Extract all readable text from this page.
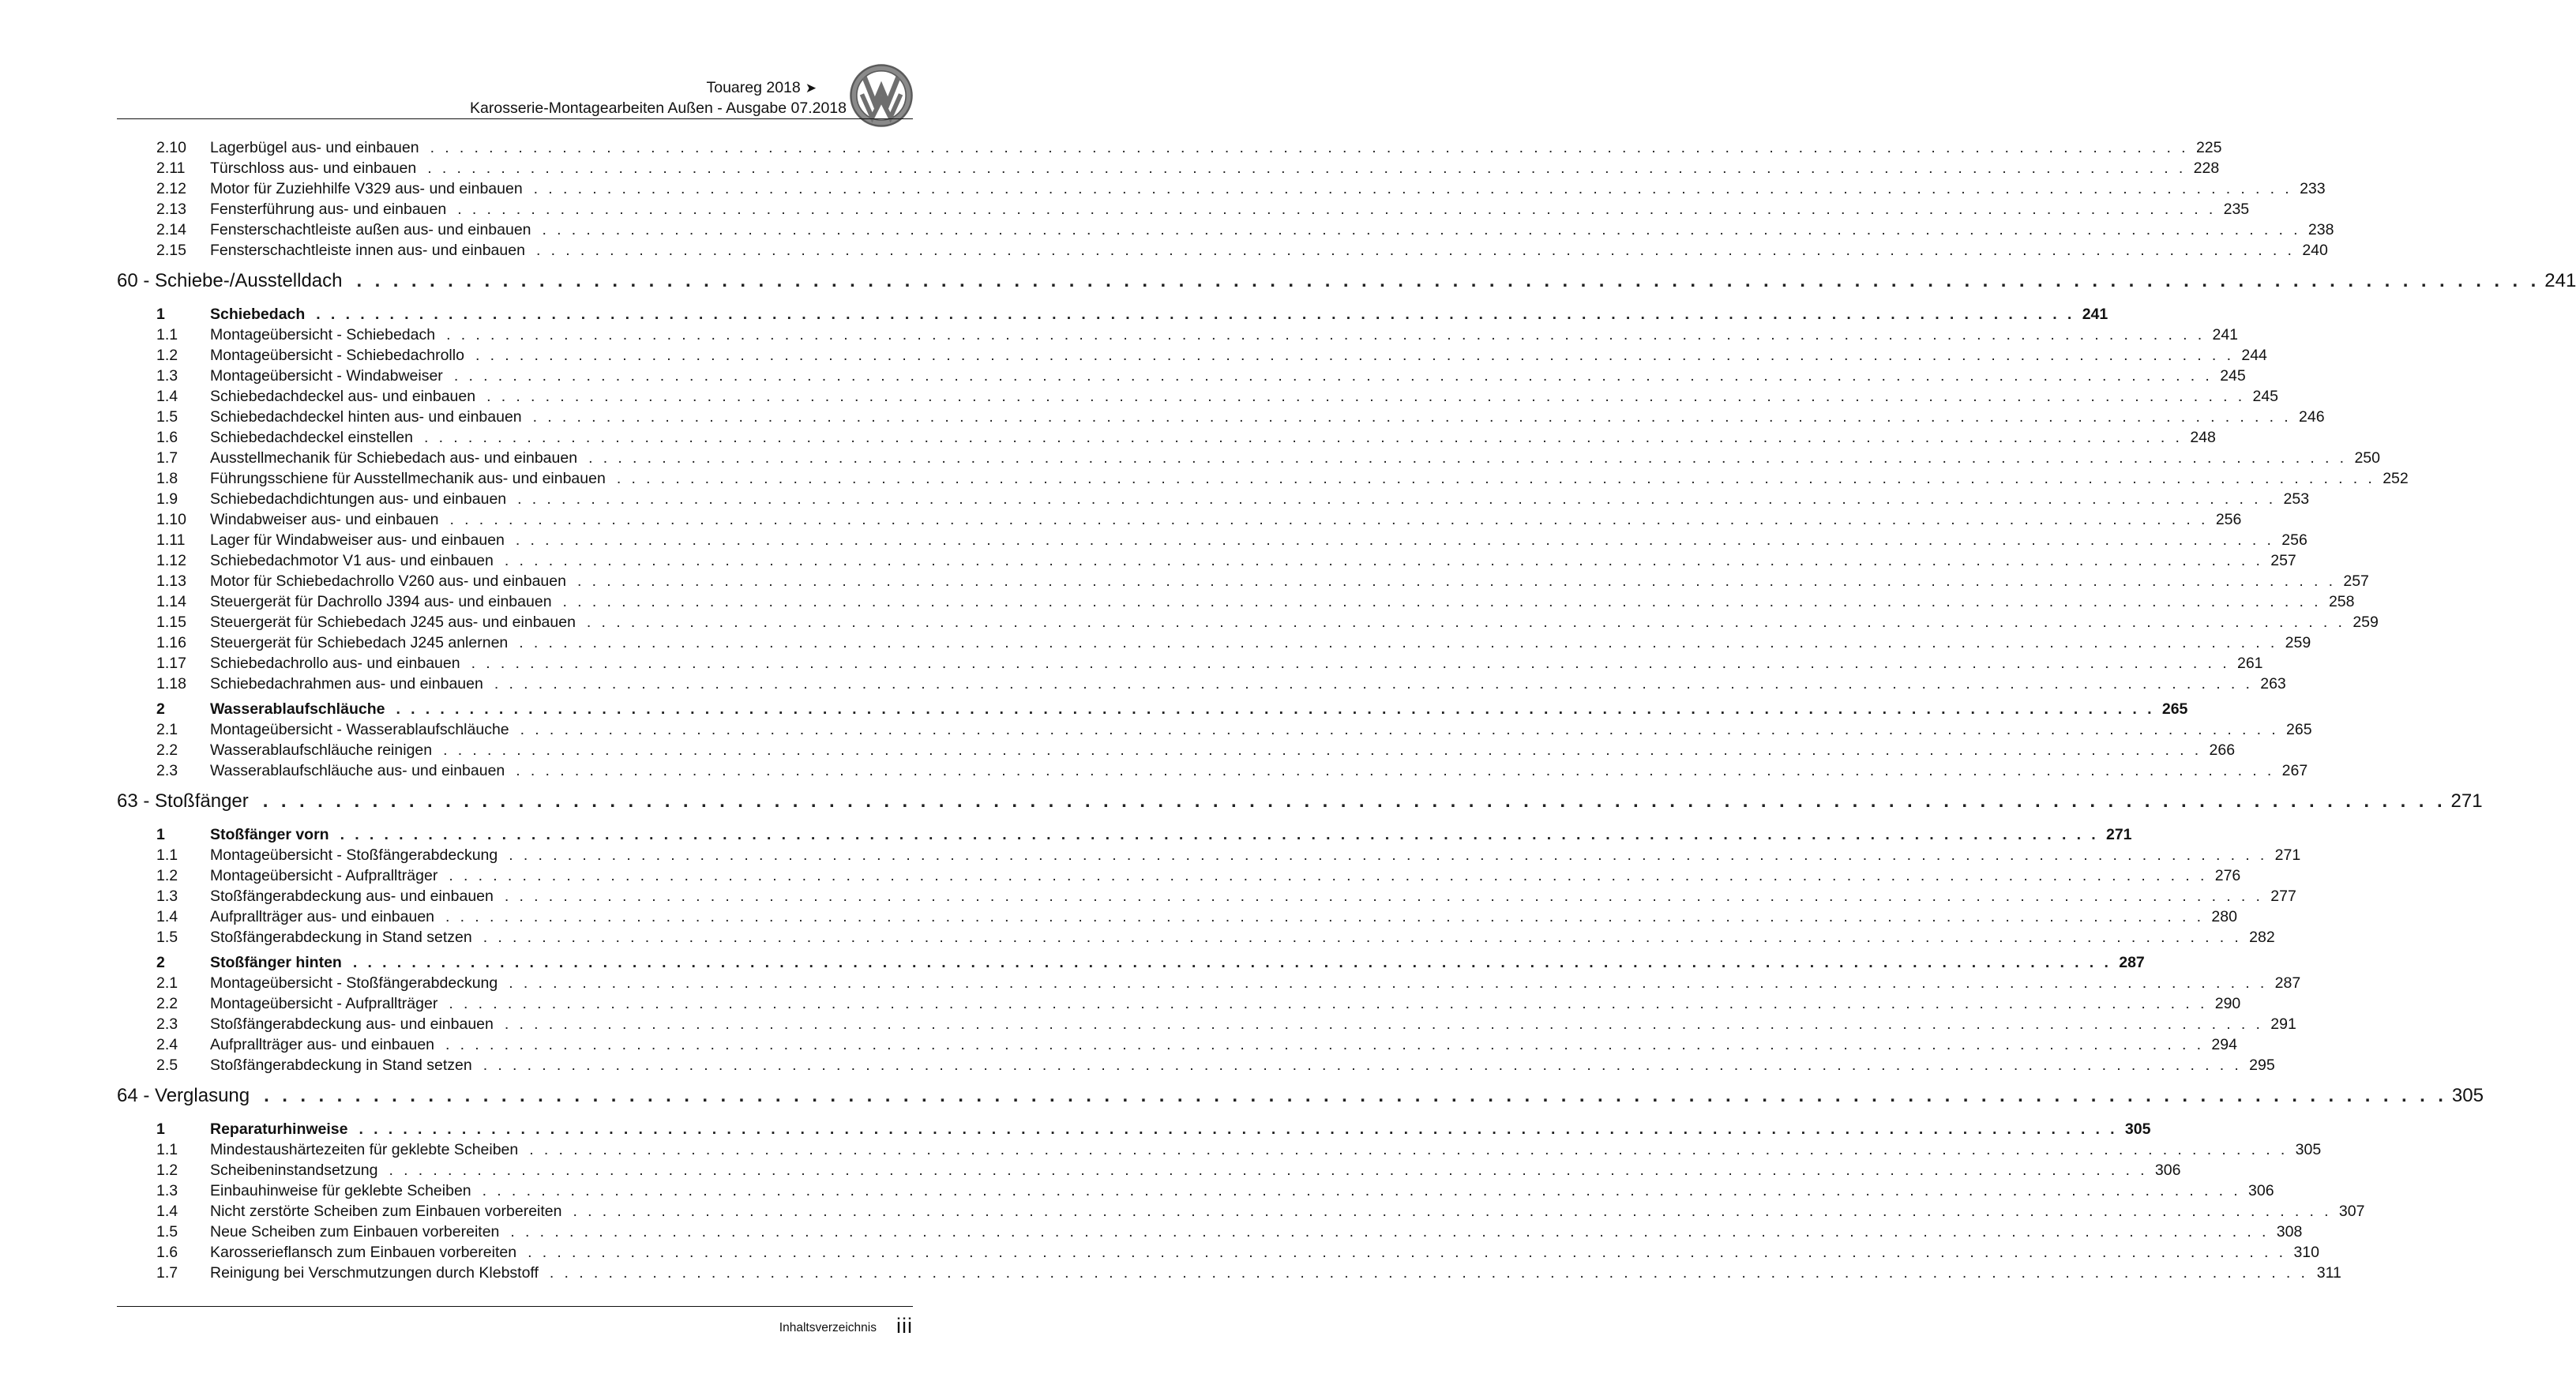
Touareg 2018 ➤
Karosserie-Montagearbeiten Außen - Ausgabe 07.2018
2.10	Lagerbügel aus- und einbauen . . . . . . . . . . . . . . . . . . . . . . . . . . . . . . . . . . . . . . . . . . . . . . . . . . . . . . . . . . . . . . . . . . . . . . . . . . . . . . . . . . . . . . . . . . . . . . . . . . . . . . . . . . . . . . . . . . . . . . . . 225
2.11	Türschloss aus- und einbauen . . . . . . . . . . . . . . . . . . . . . . . . . . . . . . . . . . . . . . . . . . . . . . . . . . . . . . . . . . . . . . . . . . . . . . . . . . . . . . . . . . . . . . . . . . . . . . . . . . . . . . . . . . . . . . . . . . . . . . . . 228
2.12	Motor für Zuziehhilfe V329 aus- und einbauen . . . . . . . . . . . . . . . . . . . . . . . . . . . . . . . . . . . . . . . . . . . . . . . . . . . . . . . . . . . . . . . . . . . . . . . . . . . . . . . . . . . . . . . . . . . . . . . . . . . . . . . . . . . . . . . . . . . . . . . . 233
2.13	Fensterführung aus- und einbauen . . . . . . . . . . . . . . . . . . . . . . . . . . . . . . . . . . . . . . . . . . . . . . . . . . . . . . . . . . . . . . . . . . . . . . . . . . . . . . . . . . . . . . . . . . . . . . . . . . . . . . . . . . . . . . . . . . . . . . . . 235
2.14	Fensterschachtleiste außen aus- und einbauen . . . . . . . . . . . . . . . . . . . . . . . . . . . . . . . . . . . . . . . . . . . . . . . . . . . . . . . . . . . . . . . . . . . . . . . . . . . . . . . . . . . . . . . . . . . . . . . . . . . . . . . . . . . . . . . . . . . . . . . . 238
2.15	Fensterschachtleiste innen aus- und einbauen . . . . . . . . . . . . . . . . . . . . . . . . . . . . . . . . . . . . . . . . . . . . . . . . . . . . . . . . . . . . . . . . . . . . . . . . . . . . . . . . . . . . . . . . . . . . . . . . . . . . . . . . . . . . . . . . . . . . . . . . 240
60 - Schiebe-/Ausstelldach . . . . . . . . . . . . . . . . . . . . . . . . . . . . . . . . . . . . . . . . . . . . . . . . . . . . . . . . . . . . . . . . . . . . . . . . . . . . . . . . . . . . . . . . . . . . . . . . . . . . . . . . . . . . . . . . . . . . . . . . 241
1	Schiebedach . . . . . . . . . . . . . . . . . . . . . . . . . . . . . . . . . . . . . . . . . . . . . . . . . . . . . . . . . . . . . . . . . . . . . . . . . . . . . . . . . . . . . . . . . . . . . . . . . . . . . . . . . . . . . . . . . . . . . . . . 241
1.1	Montageübersicht - Schiebedach . . . . . . . . . . . . . . . . . . . . . . . . . . . . . . . . . . . . . . . . . . . . . . . . . . . . . . . . . . . . . . . . . . . . . . . . . . . . . . . . . . . . . . . . . . . . . . . . . . . . . . . . . . . . . . . . . . . . . . . . 241
1.2	Montageübersicht - Schiebedachrollo . . . . . . . . . . . . . . . . . . . . . . . . . . . . . . . . . . . . . . . . . . . . . . . . . . . . . . . . . . . . . . . . . . . . . . . . . . . . . . . . . . . . . . . . . . . . . . . . . . . . . . . . . . . . . . . . . . . . . . . . 244
1.3	Montageübersicht - Windabweiser . . . . . . . . . . . . . . . . . . . . . . . . . . . . . . . . . . . . . . . . . . . . . . . . . . . . . . . . . . . . . . . . . . . . . . . . . . . . . . . . . . . . . . . . . . . . . . . . . . . . . . . . . . . . . . . . . . . . . . . . 245
1.4	Schiebedachdeckel aus- und einbauen . . . . . . . . . . . . . . . . . . . . . . . . . . . . . . . . . . . . . . . . . . . . . . . . . . . . . . . . . . . . . . . . . . . . . . . . . . . . . . . . . . . . . . . . . . . . . . . . . . . . . . . . . . . . . . . . . . . . . . . . 245
1.5	Schiebedachdeckel hinten aus- und einbauen . . . . . . . . . . . . . . . . . . . . . . . . . . . . . . . . . . . . . . . . . . . . . . . . . . . . . . . . . . . . . . . . . . . . . . . . . . . . . . . . . . . . . . . . . . . . . . . . . . . . . . . . . . . . . . . . . . . . . . . . 246
1.6	Schiebedachdeckel einstellen . . . . . . . . . . . . . . . . . . . . . . . . . . . . . . . . . . . . . . . . . . . . . . . . . . . . . . . . . . . . . . . . . . . . . . . . . . . . . . . . . . . . . . . . . . . . . . . . . . . . . . . . . . . . . . . . . . . . . . . . 248
1.7	Ausstellmechanik für Schiebedach aus- und einbauen . . . . . . . . . . . . . . . . . . . . . . . . . . . . . . . . . . . . . . . . . . . . . . . . . . . . . . . . . . . . . . . . . . . . . . . . . . . . . . . . . . . . . . . . . . . . . . . . . . . . . . . . . . . . . . . . . . . . . . . . 250
1.8	Führungsschiene für Ausstellmechanik aus- und einbauen . . . . . . . . . . . . . . . . . . . . . . . . . . . . . . . . . . . . . . . . . . . . . . . . . . . . . . . . . . . . . . . . . . . . . . . . . . . . . . . . . . . . . . . . . . . . . . . . . . . . . . . . . . . . . . . . . . . . . . . . 252
1.9	Schiebedachdichtungen aus- und einbauen . . . . . . . . . . . . . . . . . . . . . . . . . . . . . . . . . . . . . . . . . . . . . . . . . . . . . . . . . . . . . . . . . . . . . . . . . . . . . . . . . . . . . . . . . . . . . . . . . . . . . . . . . . . . . . . . . . . . . . . . 253
1.10	Windabweiser aus- und einbauen . . . . . . . . . . . . . . . . . . . . . . . . . . . . . . . . . . . . . . . . . . . . . . . . . . . . . . . . . . . . . . . . . . . . . . . . . . . . . . . . . . . . . . . . . . . . . . . . . . . . . . . . . . . . . . . . . . . . . . . . 256
1.11	Lager für Windabweiser aus- und einbauen . . . . . . . . . . . . . . . . . . . . . . . . . . . . . . . . . . . . . . . . . . . . . . . . . . . . . . . . . . . . . . . . . . . . . . . . . . . . . . . . . . . . . . . . . . . . . . . . . . . . . . . . . . . . . . . . . . . . . . . . 256
1.12	Schiebedachmotor V1 aus- und einbauen . . . . . . . . . . . . . . . . . . . . . . . . . . . . . . . . . . . . . . . . . . . . . . . . . . . . . . . . . . . . . . . . . . . . . . . . . . . . . . . . . . . . . . . . . . . . . . . . . . . . . . . . . . . . . . . . . . . . . . . . 257
1.13	Motor für Schiebedachrollo V260 aus- und einbauen . . . . . . . . . . . . . . . . . . . . . . . . . . . . . . . . . . . . . . . . . . . . . . . . . . . . . . . . . . . . . . . . . . . . . . . . . . . . . . . . . . . . . . . . . . . . . . . . . . . . . . . . . . . . . . . . . . . . . . . . 257
1.14	Steuergerät für Dachrollo J394 aus- und einbauen . . . . . . . . . . . . . . . . . . . . . . . . . . . . . . . . . . . . . . . . . . . . . . . . . . . . . . . . . . . . . . . . . . . . . . . . . . . . . . . . . . . . . . . . . . . . . . . . . . . . . . . . . . . . . . . . . . . . . . . . 258
1.15	Steuergerät für Schiebedach J245 aus- und einbauen . . . . . . . . . . . . . . . . . . . . . . . . . . . . . . . . . . . . . . . . . . . . . . . . . . . . . . . . . . . . . . . . . . . . . . . . . . . . . . . . . . . . . . . . . . . . . . . . . . . . . . . . . . . . . . . . . . . . . . . . 259
1.16	Steuergerät für Schiebedach J245 anlernen . . . . . . . . . . . . . . . . . . . . . . . . . . . . . . . . . . . . . . . . . . . . . . . . . . . . . . . . . . . . . . . . . . . . . . . . . . . . . . . . . . . . . . . . . . . . . . . . . . . . . . . . . . . . . . . . . . . . . . . . 259
1.17	Schiebedachrollo aus- und einbauen . . . . . . . . . . . . . . . . . . . . . . . . . . . . . . . . . . . . . . . . . . . . . . . . . . . . . . . . . . . . . . . . . . . . . . . . . . . . . . . . . . . . . . . . . . . . . . . . . . . . . . . . . . . . . . . . . . . . . . . . 261
1.18	Schiebedachrahmen aus- und einbauen . . . . . . . . . . . . . . . . . . . . . . . . . . . . . . . . . . . . . . . . . . . . . . . . . . . . . . . . . . . . . . . . . . . . . . . . . . . . . . . . . . . . . . . . . . . . . . . . . . . . . . . . . . . . . . . . . . . . . . . . 263
2	Wasserablaufschläuche . . . . . . . . . . . . . . . . . . . . . . . . . . . . . . . . . . . . . . . . . . . . . . . . . . . . . . . . . . . . . . . . . . . . . . . . . . . . . . . . . . . . . . . . . . . . . . . . . . . . . . . . . . . . . . . . . . . . . . . . 265
2.1	Montageübersicht - Wasserablaufschläuche . . . . . . . . . . . . . . . . . . . . . . . . . . . . . . . . . . . . . . . . . . . . . . . . . . . . . . . . . . . . . . . . . . . . . . . . . . . . . . . . . . . . . . . . . . . . . . . . . . . . . . . . . . . . . . . . . . . . . . . . 265
2.2	Wasserablaufschläuche reinigen . . . . . . . . . . . . . . . . . . . . . . . . . . . . . . . . . . . . . . . . . . . . . . . . . . . . . . . . . . . . . . . . . . . . . . . . . . . . . . . . . . . . . . . . . . . . . . . . . . . . . . . . . . . . . . . . . . . . . . . . 266
2.3	Wasserablaufschläuche aus- und einbauen . . . . . . . . . . . . . . . . . . . . . . . . . . . . . . . . . . . . . . . . . . . . . . . . . . . . . . . . . . . . . . . . . . . . . . . . . . . . . . . . . . . . . . . . . . . . . . . . . . . . . . . . . . . . . . . . . . . . . . . . 267
63 - Stoßfänger . . . . . . . . . . . . . . . . . . . . . . . . . . . . . . . . . . . . . . . . . . . . . . . . . . . . . . . . . . . . . . . . . . . . . . . . . . . . . . . . . . . . . . . . . . . . . . . . . . . . . . . . . . . . . . . . . . . . . . . . 271
1	Stoßfänger vorn . . . . . . . . . . . . . . . . . . . . . . . . . . . . . . . . . . . . . . . . . . . . . . . . . . . . . . . . . . . . . . . . . . . . . . . . . . . . . . . . . . . . . . . . . . . . . . . . . . . . . . . . . . . . . . . . . . . . . . . . 271
1.1	Montageübersicht - Stoßfängerabdeckung . . . . . . . . . . . . . . . . . . . . . . . . . . . . . . . . . . . . . . . . . . . . . . . . . . . . . . . . . . . . . . . . . . . . . . . . . . . . . . . . . . . . . . . . . . . . . . . . . . . . . . . . . . . . . . . . . . . . . . . . 271
1.2	Montageübersicht - Aufprallträger . . . . . . . . . . . . . . . . . . . . . . . . . . . . . . . . . . . . . . . . . . . . . . . . . . . . . . . . . . . . . . . . . . . . . . . . . . . . . . . . . . . . . . . . . . . . . . . . . . . . . . . . . . . . . . . . . . . . . . . . 276
1.3	Stoßfängerabdeckung aus- und einbauen . . . . . . . . . . . . . . . . . . . . . . . . . . . . . . . . . . . . . . . . . . . . . . . . . . . . . . . . . . . . . . . . . . . . . . . . . . . . . . . . . . . . . . . . . . . . . . . . . . . . . . . . . . . . . . . . . . . . . . . . 277
1.4	Aufprallträger aus- und einbauen . . . . . . . . . . . . . . . . . . . . . . . . . . . . . . . . . . . . . . . . . . . . . . . . . . . . . . . . . . . . . . . . . . . . . . . . . . . . . . . . . . . . . . . . . . . . . . . . . . . . . . . . . . . . . . . . . . . . . . . . 280
1.5	Stoßfängerabdeckung in Stand setzen . . . . . . . . . . . . . . . . . . . . . . . . . . . . . . . . . . . . . . . . . . . . . . . . . . . . . . . . . . . . . . . . . . . . . . . . . . . . . . . . . . . . . . . . . . . . . . . . . . . . . . . . . . . . . . . . . . . . . . . . 282
2	Stoßfänger hinten . . . . . . . . . . . . . . . . . . . . . . . . . . . . . . . . . . . . . . . . . . . . . . . . . . . . . . . . . . . . . . . . . . . . . . . . . . . . . . . . . . . . . . . . . . . . . . . . . . . . . . . . . . . . . . . . . . . . . . . . 287
2.1	Montageübersicht - Stoßfängerabdeckung . . . . . . . . . . . . . . . . . . . . . . . . . . . . . . . . . . . . . . . . . . . . . . . . . . . . . . . . . . . . . . . . . . . . . . . . . . . . . . . . . . . . . . . . . . . . . . . . . . . . . . . . . . . . . . . . . . . . . . . . 287
2.2	Montageübersicht - Aufprallträger . . . . . . . . . . . . . . . . . . . . . . . . . . . . . . . . . . . . . . . . . . . . . . . . . . . . . . . . . . . . . . . . . . . . . . . . . . . . . . . . . . . . . . . . . . . . . . . . . . . . . . . . . . . . . . . . . . . . . . . . 290
2.3	Stoßfängerabdeckung aus- und einbauen . . . . . . . . . . . . . . . . . . . . . . . . . . . . . . . . . . . . . . . . . . . . . . . . . . . . . . . . . . . . . . . . . . . . . . . . . . . . . . . . . . . . . . . . . . . . . . . . . . . . . . . . . . . . . . . . . . . . . . . . 291
2.4	Aufprallträger aus- und einbauen . . . . . . . . . . . . . . . . . . . . . . . . . . . . . . . . . . . . . . . . . . . . . . . . . . . . . . . . . . . . . . . . . . . . . . . . . . . . . . . . . . . . . . . . . . . . . . . . . . . . . . . . . . . . . . . . . . . . . . . . 294
2.5	Stoßfängerabdeckung in Stand setzen . . . . . . . . . . . . . . . . . . . . . . . . . . . . . . . . . . . . . . . . . . . . . . . . . . . . . . . . . . . . . . . . . . . . . . . . . . . . . . . . . . . . . . . . . . . . . . . . . . . . . . . . . . . . . . . . . . . . . . . . 295
64 - Verglasung . . . . . . . . . . . . . . . . . . . . . . . . . . . . . . . . . . . . . . . . . . . . . . . . . . . . . . . . . . . . . . . . . . . . . . . . . . . . . . . . . . . . . . . . . . . . . . . . . . . . . . . . . . . . . . . . . . . . . . . . 305
1	Reparaturhinweise . . . . . . . . . . . . . . . . . . . . . . . . . . . . . . . . . . . . . . . . . . . . . . . . . . . . . . . . . . . . . . . . . . . . . . . . . . . . . . . . . . . . . . . . . . . . . . . . . . . . . . . . . . . . . . . . . . . . . . . . 305
1.1	Mindestaushärtezeiten für geklebte Scheiben . . . . . . . . . . . . . . . . . . . . . . . . . . . . . . . . . . . . . . . . . . . . . . . . . . . . . . . . . . . . . . . . . . . . . . . . . . . . . . . . . . . . . . . . . . . . . . . . . . . . . . . . . . . . . . . . . . . . . . . . 305
1.2	Scheibeninstandsetzung . . . . . . . . . . . . . . . . . . . . . . . . . . . . . . . . . . . . . . . . . . . . . . . . . . . . . . . . . . . . . . . . . . . . . . . . . . . . . . . . . . . . . . . . . . . . . . . . . . . . . . . . . . . . . . . . . . . . . . . . 306
1.3	Einbauhinweise für geklebte Scheiben . . . . . . . . . . . . . . . . . . . . . . . . . . . . . . . . . . . . . . . . . . . . . . . . . . . . . . . . . . . . . . . . . . . . . . . . . . . . . . . . . . . . . . . . . . . . . . . . . . . . . . . . . . . . . . . . . . . . . . . . 306
1.4	Nicht zerstörte Scheiben zum Einbauen vorbereiten . . . . . . . . . . . . . . . . . . . . . . . . . . . . . . . . . . . . . . . . . . . . . . . . . . . . . . . . . . . . . . . . . . . . . . . . . . . . . . . . . . . . . . . . . . . . . . . . . . . . . . . . . . . . . . . . . . . . . . . . 307
1.5	Neue Scheiben zum Einbauen vorbereiten . . . . . . . . . . . . . . . . . . . . . . . . . . . . . . . . . . . . . . . . . . . . . . . . . . . . . . . . . . . . . . . . . . . . . . . . . . . . . . . . . . . . . . . . . . . . . . . . . . . . . . . . . . . . . . . . . . . . . . . . 308
1.6	Karosserieflansch zum Einbauen vorbereiten . . . . . . . . . . . . . . . . . . . . . . . . . . . . . . . . . . . . . . . . . . . . . . . . . . . . . . . . . . . . . . . . . . . . . . . . . . . . . . . . . . . . . . . . . . . . . . . . . . . . . . . . . . . . . . . . . . . . . . . . 310
1.7	Reinigung bei Verschmutzungen durch Klebstoff . . . . . . . . . . . . . . . . . . . . . . . . . . . . . . . . . . . . . . . . . . . . . . . . . . . . . . . . . . . . . . . . . . . . . . . . . . . . . . . . . . . . . . . . . . . . . . . . . . . . . . . . . . . . . . . . . . . . . . . . 311
Inhaltsverzeichnis iii
